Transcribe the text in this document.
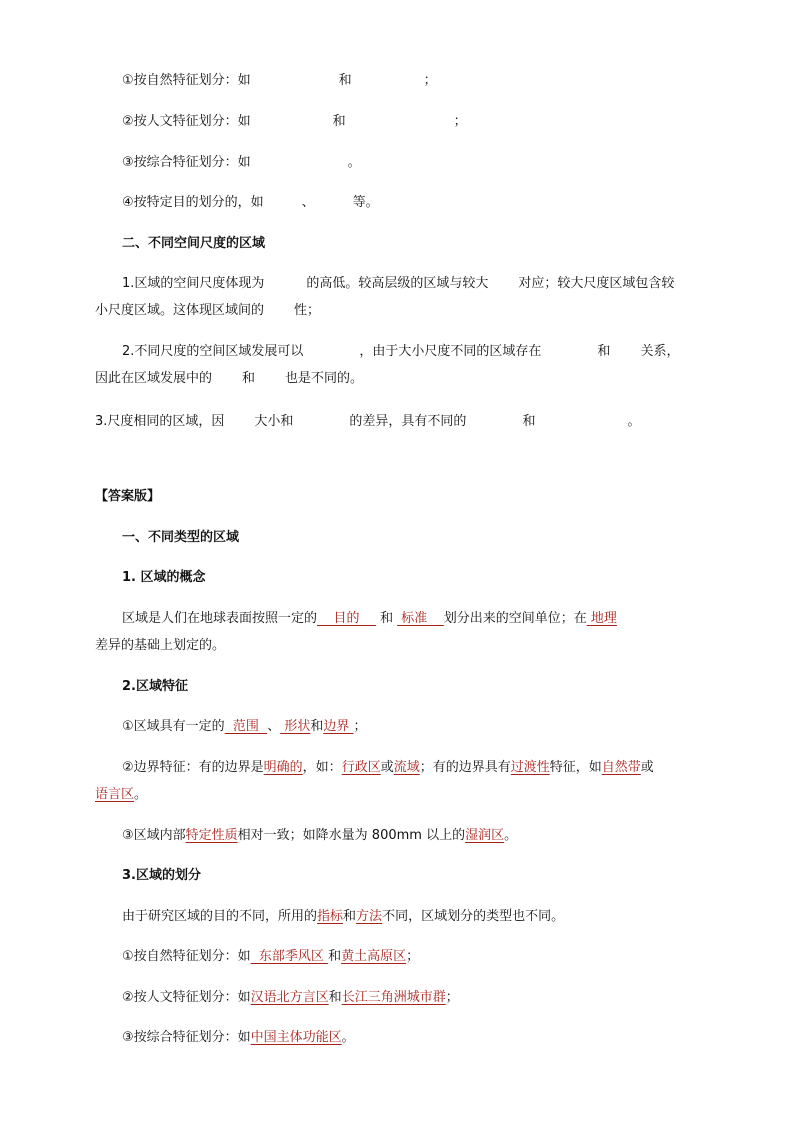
①按自然特征划分：如	和	；
②按人文特征划分：如	和	；
③按综合特征划分：如	。
④按特定目的划分的，如	、	等。
二、不同空间尺度的区域
1.区域的空间尺度体现为	的高低。较高层级的区域与较大 对应；较大尺度区域包含较
小尺度区域。这体现区域间的 性；
2.不同尺度的空间区域发展可以	，由于大小尺度不同的区域存在	和 关系，
因此在区域发展中的 和 也是不同的。
3.尺度相同的区域，因 大小和	的差异，具有不同的	和	。
【答案版】
一、不同类型的区域
1. 区域的概念
区域是人们在地球表面按照一定的    目的    和 标准    划分出来的空间单位；在 地理
差异的基础上划定的。
2.区域特征
①区域具有一定的  范围  、 形状和边界 ；
②边界特征：有的边界是明确的，如：行政区或流域；有的边界具有过渡性特征，如自然带或
语言区。
③区域内部特定性质相对一致；如降水量为 800mm 以上的湿润区。
3.区域的划分
由于研究区域的目的不同，所用的指标和方法不同，区域划分的类型也不同。
①按自然特征划分：如  东部季风区 和黄土高原区；
②按人文特征划分：如汉语北方言区和长江三角洲城市群；
③按综合特征划分：如中国主体功能区。
